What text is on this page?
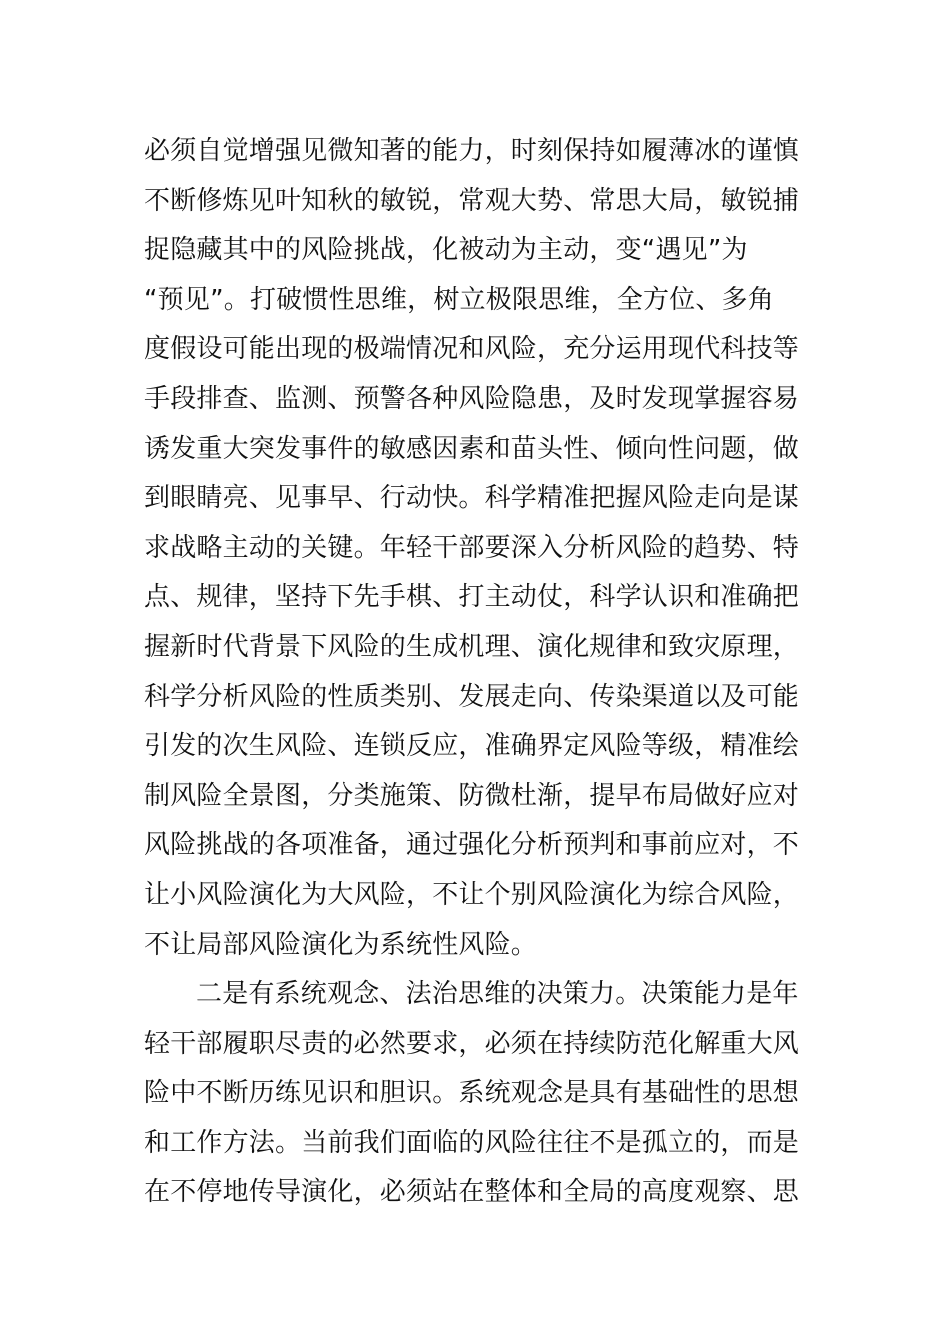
必须自觉增强见微知著的能力，时刻保持如履薄冰的谨慎
不断修炼见叶知秋的敏锐，常观大势、常思大局，敏锐捕
捉隐藏其中的风险挑战，化被动为主动，变“遇见”为
“预见”。打破惯性思维，树立极限思维，全方位、多角
度假设可能出现的极端情况和风险，充分运用现代科技等
手段排查、监测、预警各种风险隐患，及时发现掌握容易
诱发重大突发事件的敏感因素和苗头性、倾向性问题，做
到眼睛亮、见事早、行动快。科学精准把握风险走向是谋
求战略主动的关键。年轻干部要深入分析风险的趋势、特
点、规律，坚持下先手棋、打主动仗，科学认识和准确把
握新时代背景下风险的生成机理、演化规律和致灾原理，
科学分析风险的性质类别、发展走向、传染渠道以及可能
引发的次生风险、连锁反应，准确界定风险等级，精准绘
制风险全景图，分类施策、防微杜渐，提早布局做好应对
风险挑战的各项准备，通过强化分析预判和事前应对，不
让小风险演化为大风险，不让个别风险演化为综合风险，
不让局部风险演化为系统性风险。
二是有系统观念、法治思维的决策力。决策能力是年
轻干部履职尽责的必然要求，必须在持续防范化解重大风
险中不断历练见识和胆识。系统观念是具有基础性的思想
和工作方法。当前我们面临的风险往往不是孤立的，而是
在不停地传导演化，必须站在整体和全局的高度观察、思
